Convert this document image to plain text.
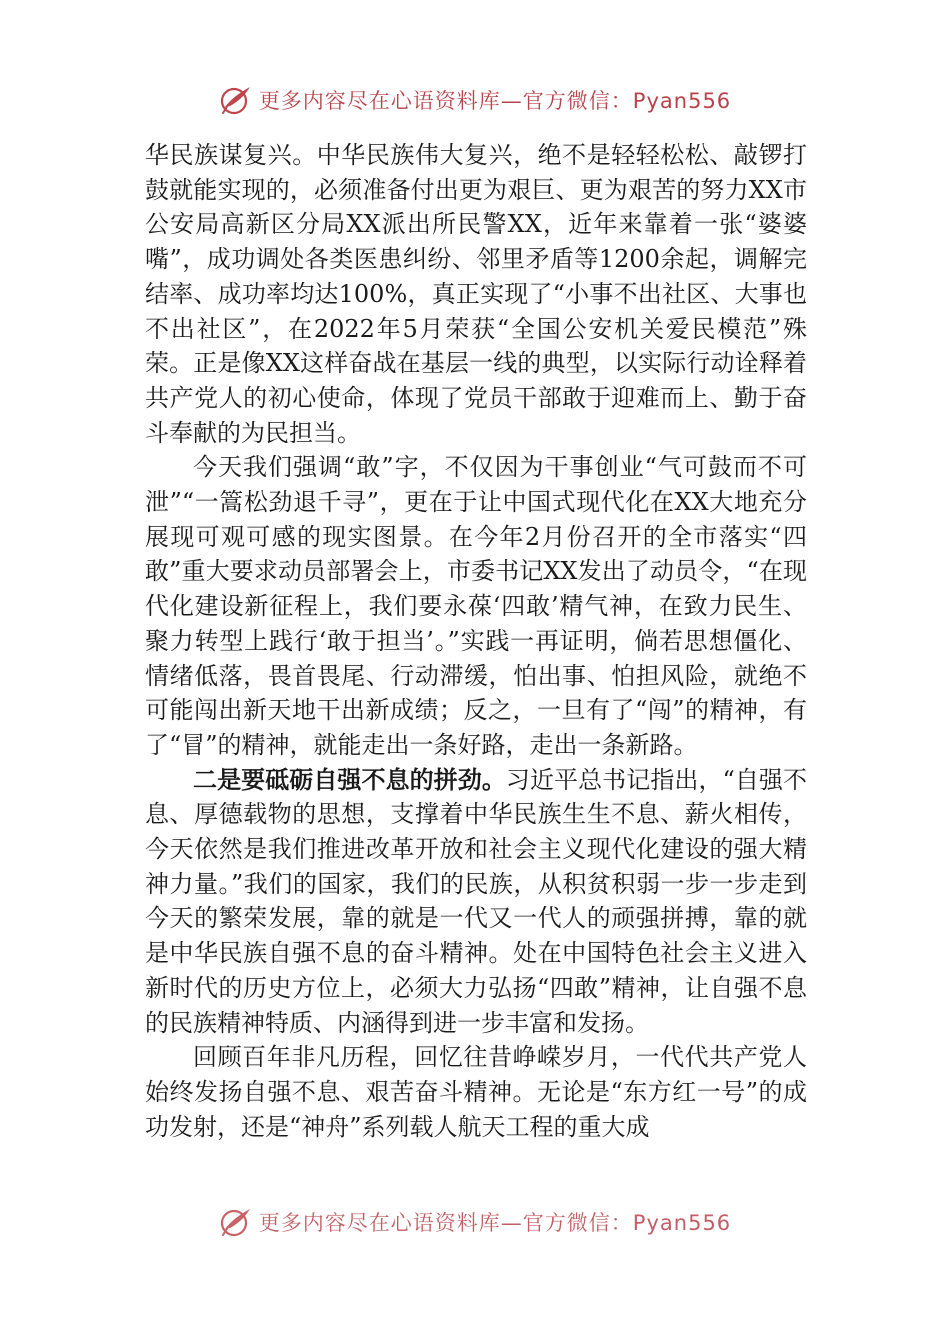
更多内容尽在心语资料库—官方微信：Pyan556

华民族谋复兴。中华民族伟大复兴，绝不是轻轻松松、敲锣打鼓就能实现的，必须准备付出更为艰巨、更为艰苦的努力XX市公安局高新区分局XX派出所民警XX，近年来靠着一张“婆婆嘴”，成功调处各类医患纠纷、邻里矛盾等1200余起，调解完结率、成功率均达100%，真正实现了“小事不出社区、大事也不出社区”，在2022年5月荣获“全国公安机关爱民模范”殊荣。正是像XX这样奋战在基层一线的典型，以实际行动诠释着共产党人的初心使命，体现了党员干部敢于迎难而上、勤于奋斗奉献的为民担当。

今天我们强调“敢”字，不仅因为干事创业“气可鼓而不可泄”“一篙松劲退千寻”，更在于让中国式现代化在XX大地充分展现可观可感的现实图景。在今年2月份召开的全市落实“四敢”重大要求动员部署会上，市委书记XX发出了动员令，“在现代化建设新征程上，我们要永葆‘四敢’精气神，在致力民生、聚力转型上践行‘敢于担当’。”实践一再证明，倘若思想僵化、情绪低落，畏首畏尾、行动滞缓，怕出事、怕担风险，就绝不可能闯出新天地干出新成绩；反之，一旦有了“闯”的精神，有了“冒”的精神，就能走出一条好路，走出一条新路。

二是要砥砺自强不息的拼劲。习近平总书记指出，“自强不息、厚德载物的思想，支撑着中华民族生生不息、薪火相传，今天依然是我们推进改革开放和社会主义现代化建设的强大精神力量。”我们的国家，我们的民族，从积贫积弱一步一步走到今天的繁荣发展，靠的就是一代又一代人的顽强拼搏，靠的就是中华民族自强不息的奋斗精神。处在中国特色社会主义进入新时代的历史方位上，必须大力弘扬“四敢”精神，让自强不息的民族精神特质、内涵得到进一步丰富和发扬。

回顾百年非凡历程，回忆往昔峥嵘岁月，一代代共产党人始终发扬自强不息、艰苦奋斗精神。无论是“东方红一号”的成功发射，还是“神舟”系列载人航天工程的重大成

更多内容尽在心语资料库—官方微信：Pyan556
